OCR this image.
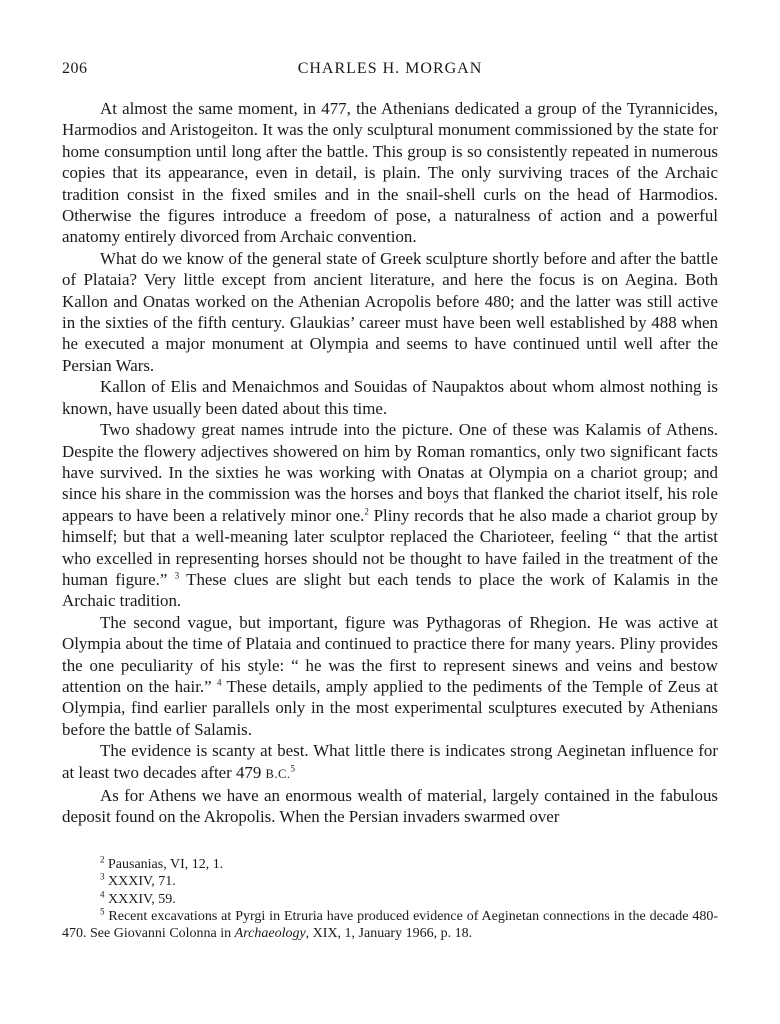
206	CHARLES H. MORGAN

At almost the same moment, in 477, the Athenians dedicated a group of the Tyrannicides, Harmodios and Aristogeiton. It was the only sculptural monument commissioned by the state for home consumption until long after the battle. This group is so consistently repeated in numerous copies that its appearance, even in detail, is plain. The only surviving traces of the Archaic tradition consist in the fixed smiles and in the snail-shell curls on the head of Harmodios. Otherwise the figures introduce a freedom of pose, a naturalness of action and a powerful anatomy entirely divorced from Archaic convention.

What do we know of the general state of Greek sculpture shortly before and after the battle of Plataia? Very little except from ancient literature, and here the focus is on Aegina. Both Kallon and Onatas worked on the Athenian Acropolis before 480; and the latter was still active in the sixties of the fifth century. Glaukias’ career must have been well established by 488 when he executed a major monument at Olympia and seems to have continued until well after the Persian Wars.

Kallon of Elis and Menaichmos and Souidas of Naupaktos about whom almost nothing is known, have usually been dated about this time.

Two shadowy great names intrude into the picture. One of these was Kalamis of Athens. Despite the flowery adjectives showered on him by Roman romantics, only two significant facts have survived. In the sixties he was working with Onatas at Olympia on a chariot group; and since his share in the commission was the horses and boys that flanked the chariot itself, his role appears to have been a relatively minor one.$^2$ Pliny records that he also made a chariot group by himself; but that a well-meaning later sculptor replaced the Charioteer, feeling “ that the artist who excelled in representing horses should not be thought to have failed in the treatment of the human figure.” $^3$ These clues are slight but each tends to place the work of Kalamis in the Archaic tradition.

The second vague, but important, figure was Pythagoras of Rhegion. He was active at Olympia about the time of Plataia and continued to practice there for many years. Pliny provides the one peculiarity of his style: “ he was the first to represent sinews and veins and bestow attention on the hair.” $^4$ These details, amply applied to the pediments of the Temple of Zeus at Olympia, find earlier parallels only in the most experimental sculptures executed by Athenians before the battle of Salamis.

The evidence is scanty at best. What little there is indicates strong Aeginetan influence for at least two decades after 479 B.C.$^5$

As for Athens we have an enormous wealth of material, largely contained in the fabulous deposit found on the Akropolis. When the Persian invaders swarmed over

$^2$ Pausanias, VI, 12, 1.

$^3$ XXXIV, 71.

$^4$ XXXIV, 59.

$^5$ Recent excavations at Pyrgi in Etruria have produced evidence of Aeginetan connections in the decade 480-470. See Giovanni Colonna in Archaeology, XIX, 1, January 1966, p. 18.
